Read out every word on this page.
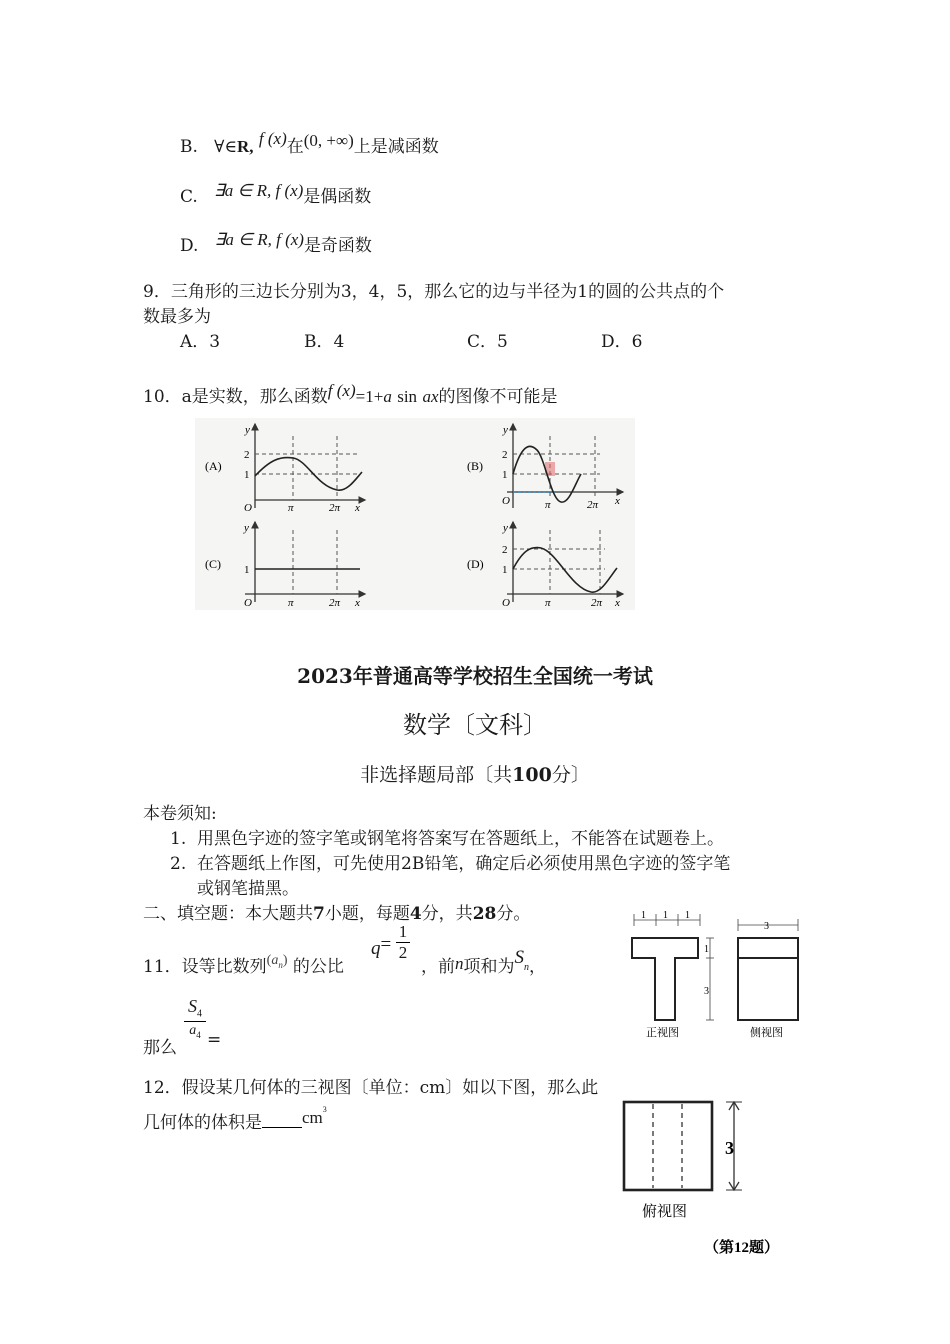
B. ∀∈R, f (x)在(0, +∞)上是减函数
C. ∃a ∈ R, f (x)是偶函数
D. ∃a ∈ R, f (x)是奇函数
9．三角形的三边长分别为3，4，5，那么它的边与半径为1的圆的公共点的个
数最多为
A．3	B．4	C．5	D．6
10．a是实数，那么函数f (x)=1+a sin ax的图像不可能是
(A)
y
2
1
O	π	2π x
(B)
y
2
1
O	π	2π x
(C)
y
1
O	π	2π x
(D)
y
2
1
O	π	2π x
2023年普通高等学校招生全国统一考试
数学〔文科〕
非选择题局部〔共100分〕
本卷须知:
1. 用黑色字迹的签字笔或钢笔将答案写在答题纸上，不能答在试题卷上。
2. 在答题纸上作图，可先使用2B铅笔，确定后必须使用黑色字迹的签字笔
或钢笔描黑。
二、填空题：本大题共7小题，每题4分，共28分。
11．设等比数列$^{(a_n)}$ 的公比
$q= \frac{1}{2}$
，前n项和为$S_n$，
$S_4$
$a_4$
那么 =
12．假设某几何体的三视图〔单位：cm〕如以下图，那么此
几何体的体积是 $cm^3$
1 1 1
1
3
正视图
3
侧视图
3
俯视图
（第12题）
